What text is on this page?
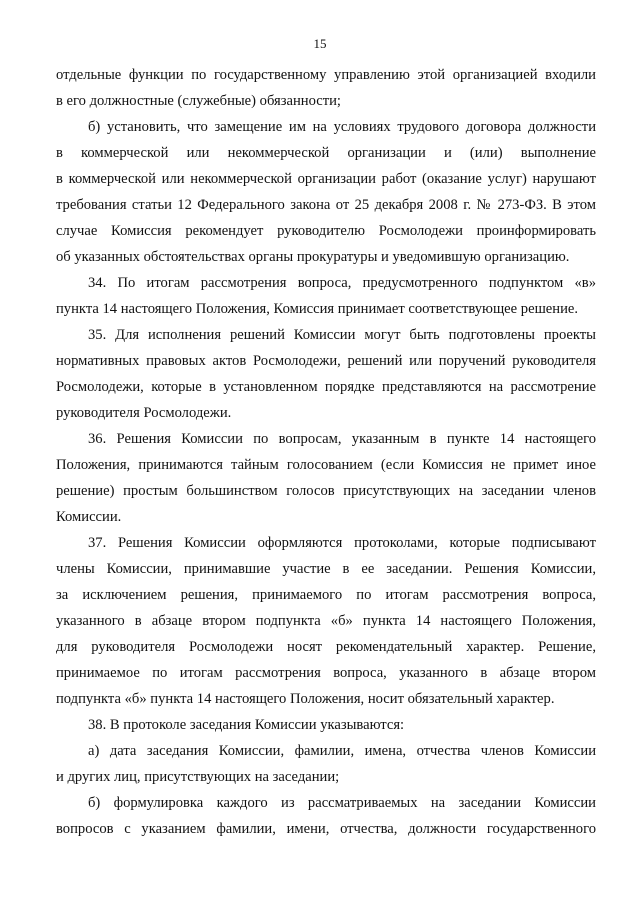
15
отдельные функции по государственному управлению этой организацией входили
в его должностные (служебные) обязанности;
б) установить, что замещение им на условиях трудового договора должности
в коммерческой или некоммерческой организации и (или) выполнение
в коммерческой или некоммерческой организации работ (оказание услуг) нарушают
требования статьи 12 Федерального закона от 25 декабря 2008 г. № 273-ФЗ. В этом
случае Комиссия рекомендует руководителю Росмолодежи проинформировать
об указанных обстоятельствах органы прокуратуры и уведомившую организацию.
34. По итогам рассмотрения вопроса, предусмотренного подпунктом «в»
пункта 14 настоящего Положения, Комиссия принимает соответствующее решение.
35. Для исполнения решений Комиссии могут быть подготовлены проекты
нормативных правовых актов Росмолодежи, решений или поручений руководителя
Росмолодежи, которые в установленном порядке представляются на рассмотрение
руководителя Росмолодежи.
36. Решения Комиссии по вопросам, указанным в пункте 14 настоящего
Положения, принимаются тайным голосованием (если Комиссия не примет иное
решение) простым большинством голосов присутствующих на заседании членов
Комиссии.
37. Решения Комиссии оформляются протоколами, которые подписывают
члены Комиссии, принимавшие участие в ее заседании. Решения Комиссии,
за исключением решения, принимаемого по итогам рассмотрения вопроса,
указанного в абзаце втором подпункта «б» пункта 14 настоящего Положения,
для руководителя Росмолодежи носят рекомендательный характер. Решение,
принимаемое по итогам рассмотрения вопроса, указанного в абзаце втором
подпункта «б» пункта 14 настоящего Положения, носит обязательный характер.
38. В протоколе заседания Комиссии указываются:
а) дата заседания Комиссии, фамилии, имена, отчества членов Комиссии
и других лиц, присутствующих на заседании;
б) формулировка каждого из рассматриваемых на заседании Комиссии
вопросов с указанием фамилии, имени, отчества, должности государственного
